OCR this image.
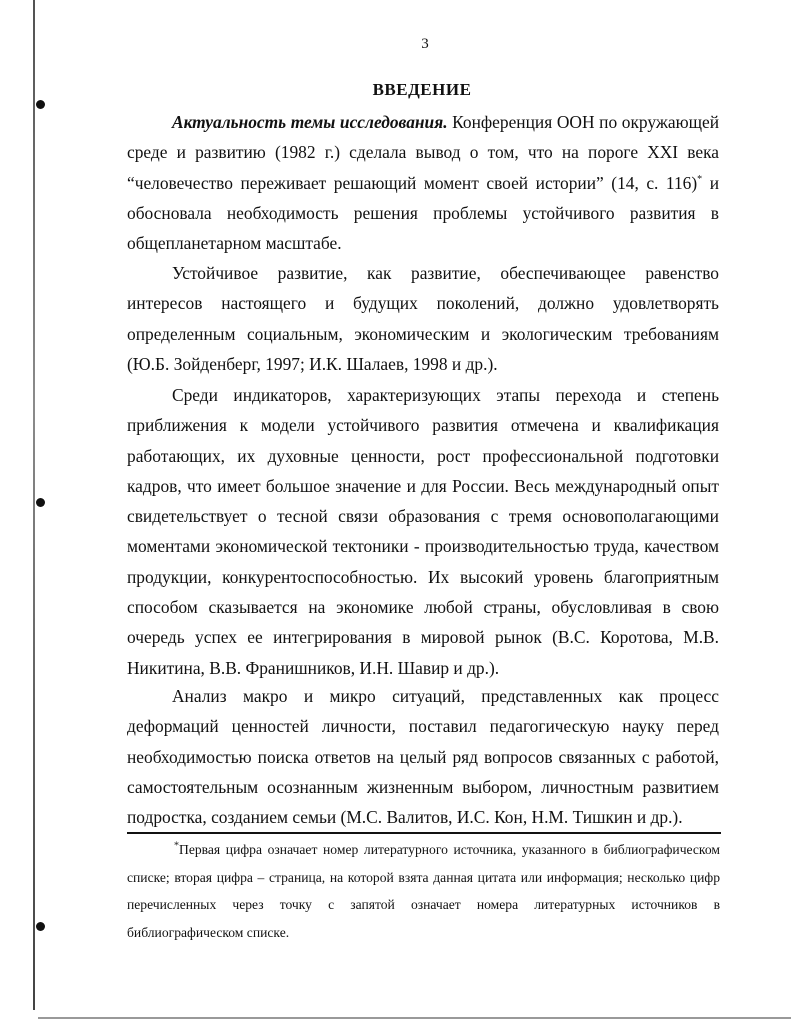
3
ВВЕДЕНИЕ

Актуальность темы исследования. Конференция ООН по окружающей среде и развитию (1982 г.) сделала вывод о том, что на пороге XXI века “человечество переживает решающий момент своей истории” (14, с. 116)* и обосновала необходимость решения проблемы устойчивого развития в общепланетарном масштабе.

Устойчивое развитие, как развитие, обеспечивающее равенство интересов настоящего и будущих поколений, должно удовлетворять определенным социальным, экономическим и экологическим требованиям (Ю.Б. Зойденберг, 1997; И.К. Шалаев, 1998 и др.).

Среди индикаторов, характеризующих этапы перехода и степень приближения к модели устойчивого развития отмечена и квалификация работающих, их духовные ценности, рост профессиональной подготовки кадров, что имеет большое значение и для России. Весь международный опыт свидетельствует о тесной связи образования с тремя основополагающими моментами экономической тектоники - производительностью труда, качеством продукции, конкурентоспособностью. Их высокий уровень благоприятным способом сказывается на экономике любой страны, обусловливая в свою очередь успех ее интегрирования в мировой рынок (В.С. Коротова, М.В. Никитина, В.В. Франишников, И.Н. Шавир и др.).

Анализ макро и микро ситуаций, представленных как процесс деформаций ценностей личности, поставил педагогическую науку перед необходимостью поиска ответов на целый ряд вопросов связанных с работой, самостоятельным осознанным жизненным выбором, личностным развитием подростка, созданием семьи (М.С. Валитов, И.С. Кон, Н.М. Тишкин и др.).

*Первая цифра означает номер литературного источника, указанного в библиографическом списке; вторая цифра – страница, на которой взята данная цитата или информация; несколько цифр перечисленных через точку с запятой означает номера литературных источников в библиографическом списке.
